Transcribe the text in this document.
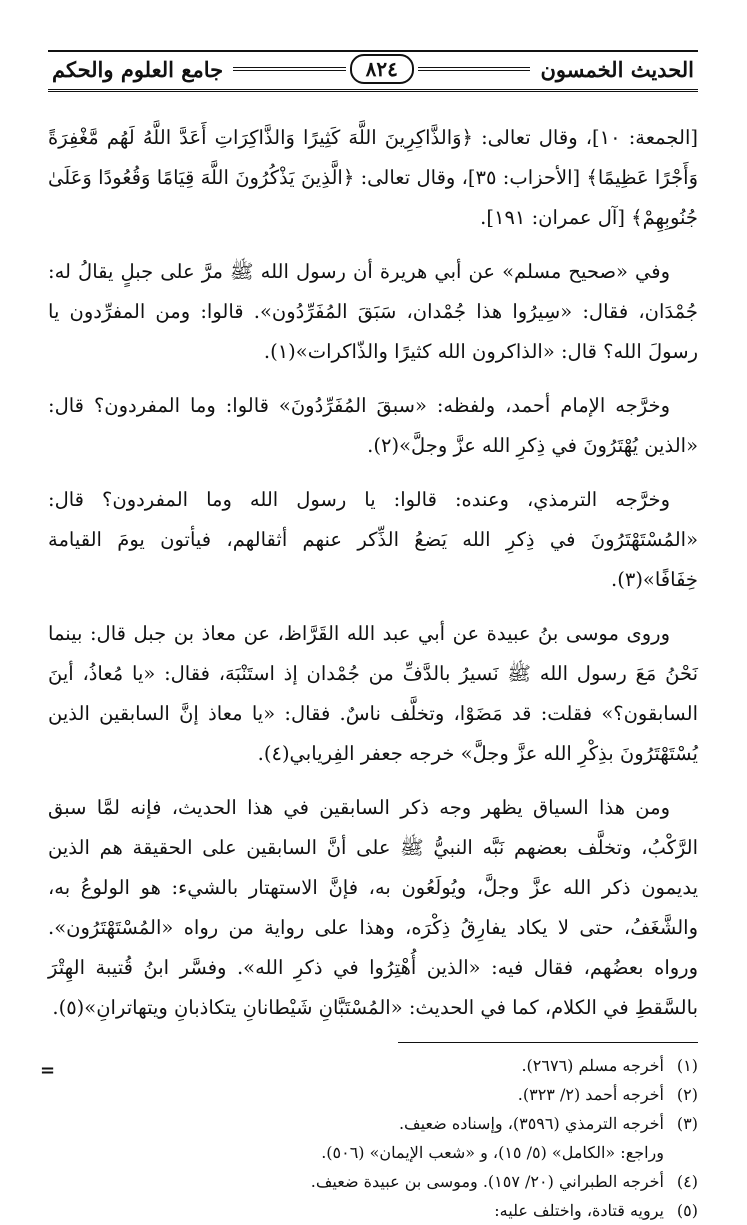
الحديث الخمسون
٨٢٤
جامع العلوم والحكم

[الجمعة: ١٠]، وقال تعالى: ﴿وَالذَّاكِرِينَ اللَّهَ كَثِيرًا وَالذَّاكِرَاتِ أَعَدَّ اللَّهُ لَهُم مَّغْفِرَةً وَأَجْرًا عَظِيمًا﴾ [الأحزاب: ٣٥]، وقال تعالى: ﴿الَّذِينَ يَذْكُرُونَ اللَّهَ قِيَامًا وَقُعُودًا وَعَلَىٰ جُنُوبِهِمْ﴾ [آل عمران: ١٩١].

وفي «صحيح مسلم» عن أبي هريرة أن رسول الله ﷺ مرَّ على جبلٍ يقالُ له: جُمْدَان، فقال: «سِيرُوا هذا جُمْدان، سَبَقَ المُفَرِّدُون». قالوا: ومن المفرِّدون يا رسولَ الله؟ قال: «الذاكرون الله كثيرًا والذّاكرات»(١).

وخرَّجه الإمام أحمد، ولفظه: «سبقَ المُفَرِّدُونَ» قالوا: وما المفردون؟ قال: «الذين يُهْتَرُونَ في ذِكرِ الله عزَّ وجلَّ»(٢).

وخرَّجه الترمذي، وعنده: قالوا: يا رسول الله وما المفردون؟ قال: «المُسْتَهْتَرُونَ في ذِكرِ الله يَضعُ الذِّكر عنهم أثقالهم، فيأتون يومَ القيامة خِفَافًا»(٣).

وروى موسى بنُ عبيدة عن أبي عبد الله القَرَّاظ، عن معاذ بن جبل قال: بينما نَحْنُ مَعَ رسول الله ﷺ نَسيرُ بالدَّفِّ من جُمْدان إذ استَنْبَهَ، فقال: «يا مُعاذُ، أينَ السابقون؟» فقلت: قد مَضَوْا، وتخلَّف ناسٌ. فقال: «يا معاذ إنَّ السابقين الذين يُسْتَهْتَرُونَ بذِكْرِ الله عزَّ وجلَّ» خرجه جعفر الفِريابي(٤).

ومن هذا السياق يظهر وجه ذكر السابقين في هذا الحديث، فإنه لمَّا سبق الرَّكْبُ، وتخلَّف بعضهم نَبَّه النبيُّ ﷺ على أنَّ السابقين على الحقيقة هم الذين يديمون ذكر الله عزَّ وجلَّ، ويُولَعُون به، فإنَّ الاستهتار بالشيء: هو الولوعُ به، والشَّغَفُ، حتى لا يكاد يفارِقُ ذِكْرَه، وهذا على رواية من رواه «المُسْتَهْتَرُون». ورواه بعضُهم، فقال فيه: «الذين أُهْتِرُوا في ذكرِ الله». وفسَّر ابنُ قُتيبة الهِتْرَ بالسَّقطِ في الكلام، كما في الحديث: «المُسْتَبَّانِ شَيْطانانِ يتكاذبانِ ويتهاترانِ»(٥).

(١)
أخرجه مسلم (٢٦٧٦).
(٢)
أخرجه أحمد (٢/ ٣٢٣).
(٣)
أخرجه الترمذي (٣٥٩٦)، وإسناده ضعيف.
وراجع: «الكامل» (٥/ ١٥)، و «شعب الإيمان» (٥٠٦).
(٤)
أخرجه الطبراني (٢٠/ ١٥٧). وموسى بن عبيدة ضعيف.
(٥)
يرويه قتادة، واختلف عليه:
=
